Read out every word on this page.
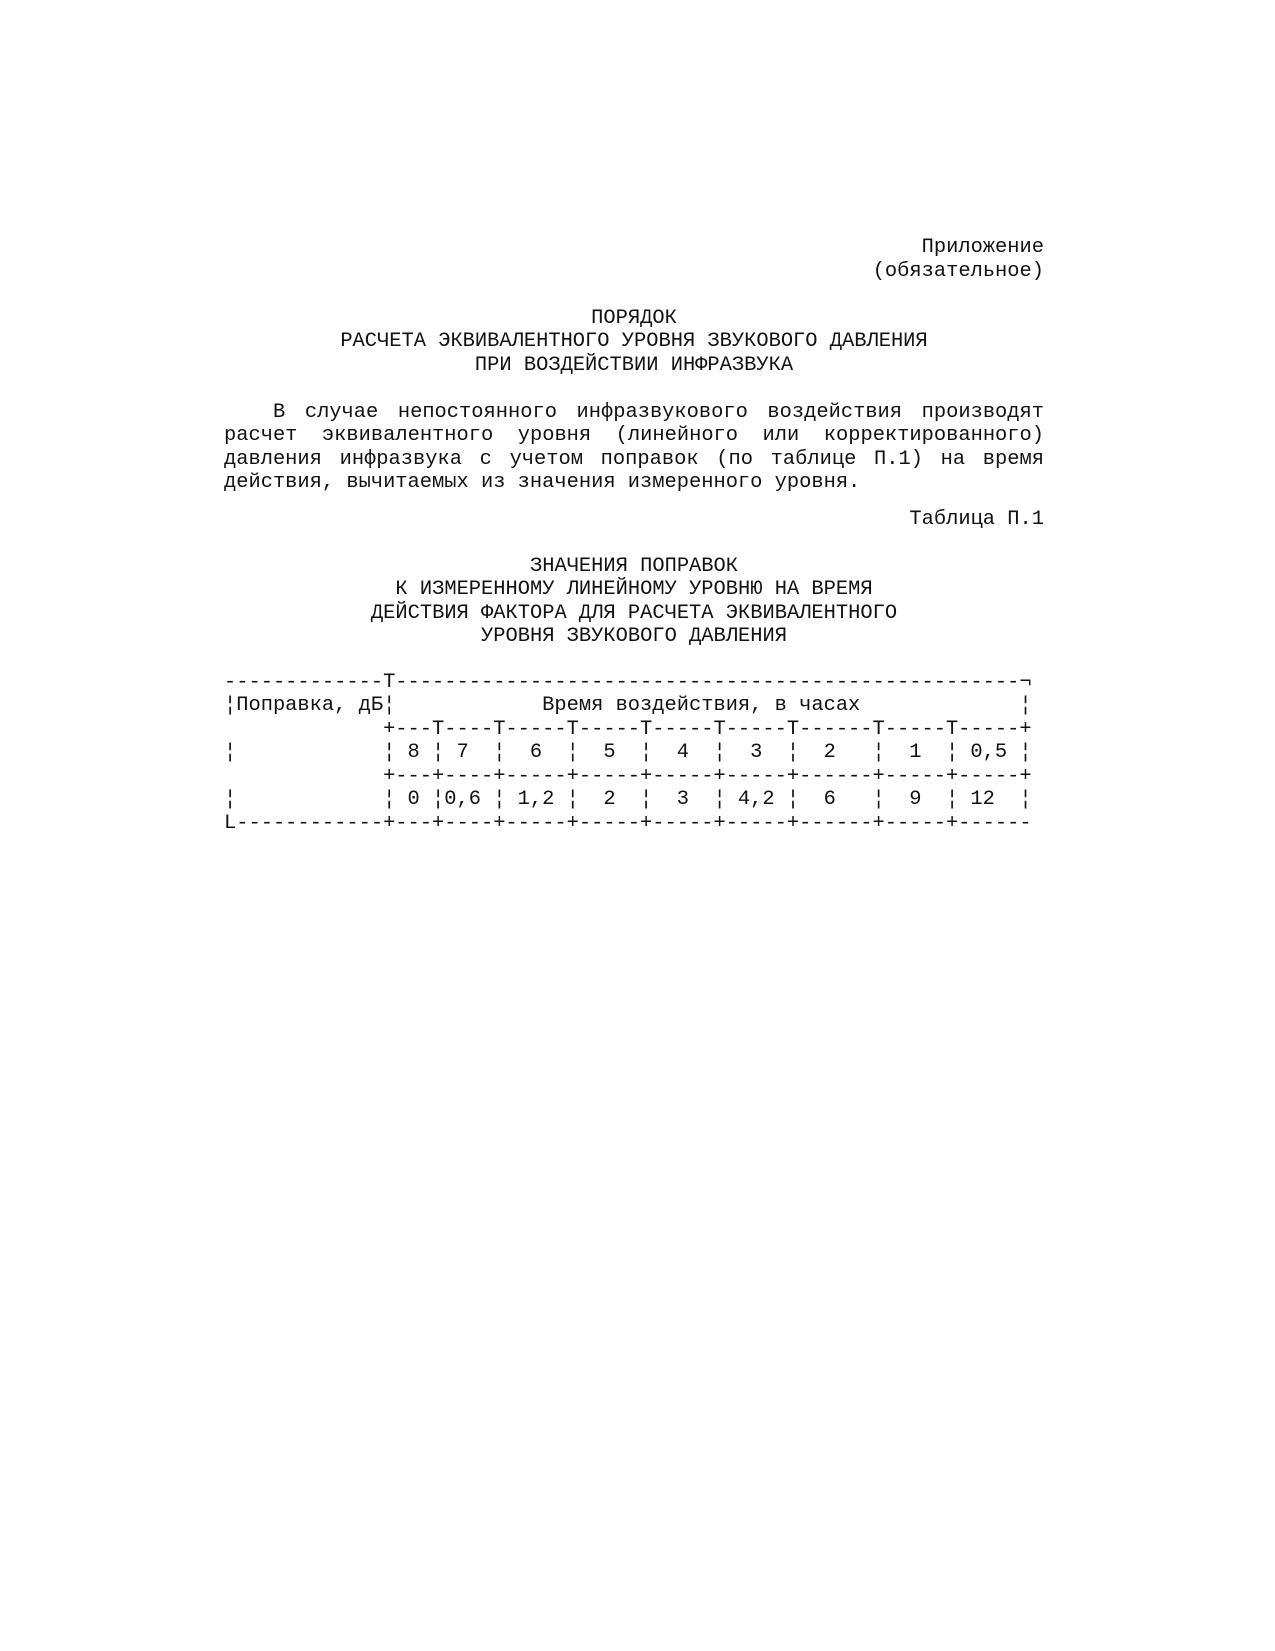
Приложение
(обязательное)
ПОРЯДОК
РАСЧЕТА ЭКВИВАЛЕНТНОГО УРОВНЯ ЗВУКОВОГО ДАВЛЕНИЯ
ПРИ ВОЗДЕЙСТВИИ ИНФРАЗВУКА
В случае непостоянного инфразвукового воздействия производят расчет эквивалентного уровня (линейного или корректированного) давления инфразвука с учетом поправок (по таблице П.1) на время действия, вычитаемых из значения измеренного уровня.
Таблица П.1
ЗНАЧЕНИЯ ПОПРАВОК
К ИЗМЕРЕННОМУ ЛИНЕЙНОМУ УРОВНЮ НА ВРЕМЯ
ДЕЙСТВИЯ ФАКТОРА ДЛЯ РАСЧЕТА ЭКВИВАЛЕНТНОГО
УРОВНЯ ЗВУКОВОГО ДАВЛЕНИЯ
-------------T---------------------------------------------------¬
¦Поправка, дБ¦            Время воздействия, в часах             ¦
+---T----T-----T-----T-----T-----T------T-----T-----+
¦            ¦ 8 ¦ 7  ¦  6  ¦  5  ¦  4  ¦  3  ¦  2   ¦  1  ¦ 0,5 ¦
+---+----+-----+-----+-----+-----+------+-----+-----+
¦            ¦ 0 ¦0,6 ¦ 1,2 ¦  2  ¦  3  ¦ 4,2 ¦  6   ¦  9  ¦ 12  ¦
L------------+---+----+-----+-----+-----+-----+------+-----+------
